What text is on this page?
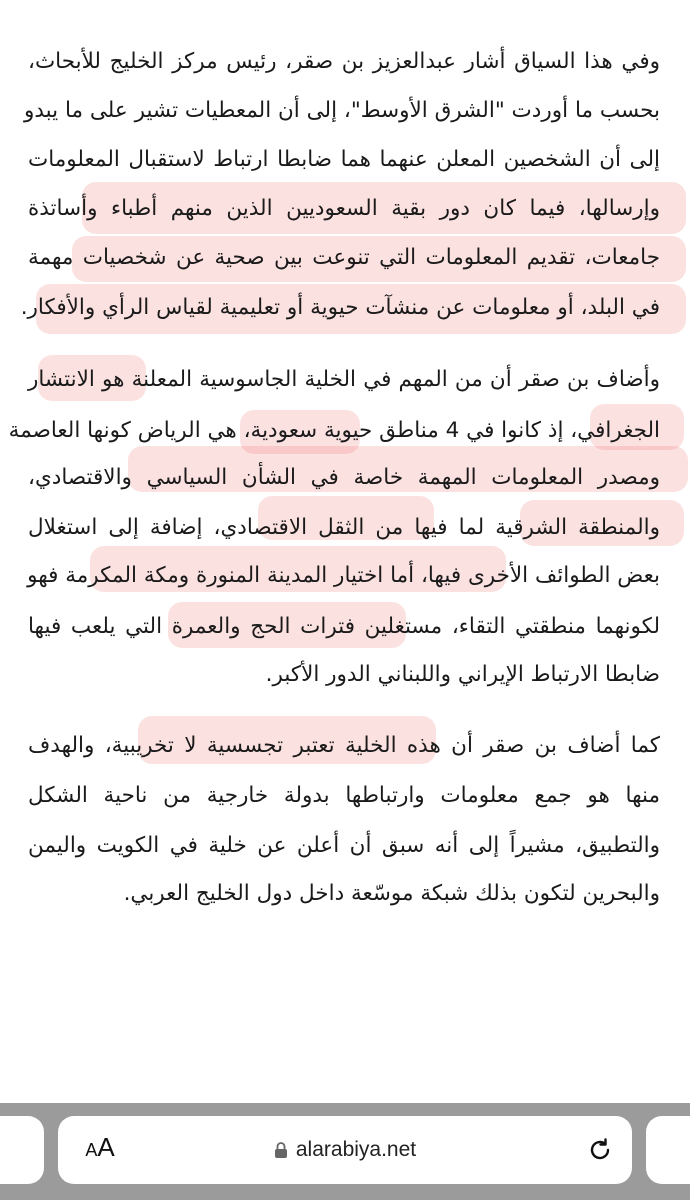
وفي هذا السياق أشار عبدالعزيز بن صقر، رئيس مركز الخليج للأبحاث،
بحسب ما أوردت "الشرق الأوسط"، إلى أن المعطيات تشير على ما يبدو
إلى أن الشخصين المعلن عنهما هما ضابطا ارتباط لاستقبال المعلومات
وإرسالها، فيما كان دور بقية السعوديين الذين منهم أطباء وأساتذة
جامعات، تقديم المعلومات التي تنوعت بين صحية عن شخصيات مهمة
في البلد، أو معلومات عن منشآت حيوية أو تعليمية لقياس الرأي والأفكار.
وأضاف بن صقر أن من المهم في الخلية الجاسوسية المعلنة هو الانتشار
الجغرافي، إذ كانوا في 4 مناطق حيوية سعودية، هي الرياض كونها العاصمة
ومصدر المعلومات المهمة خاصة في الشأن السياسي والاقتصادي،
والمنطقة الشرقية لما فيها من الثقل الاقتصادي، إضافة إلى استغلال
بعض الطوائف الأخرى فيها، أما اختيار المدينة المنورة ومكة المكرمة فهو
لكونهما منطقتي التقاء، مستغلين فترات الحج والعمرة التي يلعب فيها
ضابطا الارتباط الإيراني واللبناني الدور الأكبر.
كما أضاف بن صقر أن هذه الخلية تعتبر تجسسية لا تخريبية، والهدف
منها هو جمع معلومات وارتباطها بدولة خارجية من ناحية الشكل
والتطبيق، مشيراً إلى أنه سبق أن أعلن عن خلية في الكويت واليمن
والبحرين لتكون بذلك شبكة موسّعة داخل دول الخليج العربي.
A A	alarabiya.net
